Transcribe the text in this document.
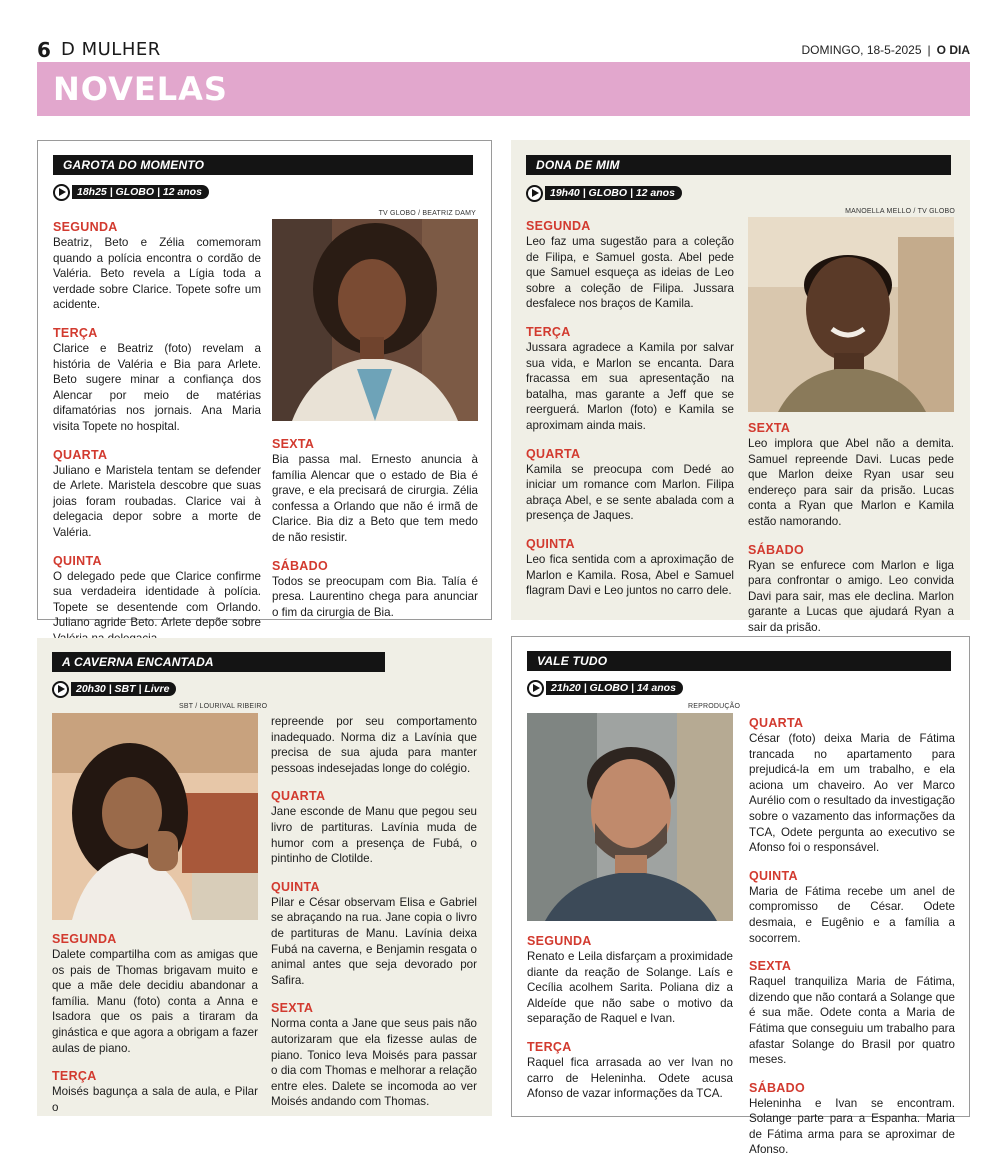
6 D MULHER	DOMINGO, 18-5-2025 | O DIA
NOVELAS
GAROTA DO MOMENTO
18h25 | GLOBO | 12 anos
SEGUNDA
Beatriz, Beto e Zélia comemoram quando a polícia encontra o cordão de Valéria. Beto revela a Lígia toda a verdade sobre Clarice. Topete sofre um acidente.
TERÇA
Clarice e Beatriz (foto) revelam a história de Valéria e Bia para Arlete. Beto sugere minar a confiança dos Alencar por meio de matérias difamatórias nos jornais. Ana Maria visita Topete no hospital.
QUARTA
Juliano e Maristela tentam se defender de Arlete. Maristela descobre que suas joias foram roubadas. Clarice vai à delegacia depor sobre a morte de Valéria.
QUINTA
O delegado pede que Clarice confirme sua verdadeira identidade à polícia. Topete se desentende com Orlando. Juliano agride Beto. Arlete depõe sobre
TV GLOBO / BEATRIZ DAMY
SEXTA
Bia passa mal. Ernesto anuncia à família Alencar que o estado de Bia é grave, e ela precisará de cirurgia. Zélia confessa a Orlando que não é irmã de Clarice. Bia diz a Beto que tem medo de não resistir.
SÁBADO
Todos se preocupam com Bia. Talía é presa. Laurentino chega para anunciar o fim da cirurgia de Bia.
DONA DE MIM
19h40 | GLOBO | 12 anos
SEGUNDA
Leo faz uma sugestão para a coleção de Filipa, e Samuel gosta. Abel pede que Samuel esqueça as ideias de Leo sobre a coleção de Filipa. Jussara desfalece nos braços de Kamila.
TERÇA
Jussara agradece a Kamila por salvar sua vida, e Marlon se encanta. Dara fracassa em sua apresentação na batalha, mas garante a Jeff que se reerguerá. Marlon (foto) e Kamila se aproximam ainda mais.
QUARTA
Kamila se preocupa com Dedé ao iniciar um romance com Marlon. Filipa abraça Abel, e se sente abalada com a presença de Jaques.
QUINTA
Leo fica sentida com a aproximação de Marlon e Kamila. Rosa, Abel e Samuel flagram Davi e Leo juntos no carro dele.
MANOELLA MELLO / TV GLOBO
SEXTA
Leo implora que Abel não a demita. Samuel repreende Davi. Lucas pede que Marlon deixe Ryan usar seu endereço para sair da prisão. Lucas conta a Ryan que Marlon e Kamila estão namorando.
SÁBADO
Ryan se enfurece com Marlon e liga para confrontar o amigo. Leo convida Davi para sair, mas ele declina. Marlon garante a Lucas que ajudará Ryan a sair da prisão.
A CAVERNA ENCANTADA
20h30 | SBT | Livre
SBT / LOURIVAL RIBEIRO
SEGUNDA
Dalete compartilha com as amigas que os pais de Thomas brigavam muito e que a mãe dele decidiu abandonar a família. Manu (foto) conta a Anna e Isadora que os pais a tiraram da ginástica e que agora a obrigam a fazer aulas de piano.
TERÇA
Moisés bagunça a sala de aula, e Pilar o
repreende por seu comportamento inadequado. Norma diz a Lavínia que precisa de sua ajuda para manter pessoas indesejadas longe do colégio.
QUARTA
Jane esconde de Manu que pegou seu livro de partituras. Lavínia muda de humor com a presença de Fubá, o pintinho de Clotilde.
QUINTA
Pilar e César observam Elisa e Gabriel se abraçando na rua. Jane copia o livro de partituras de Manu. Lavínia deixa Fubá na caverna, e Benjamin resgata o animal antes que seja devorado por Safira.
SEXTA
Norma conta a Jane que seus pais não autorizaram que ela fizesse aulas de piano. Tonico leva Moisés para passar o dia com Thomas e melhorar a relação entre eles. Dalete se incomoda ao ver Moisés andando com Thomas.
VALE TUDO
21h20 | GLOBO | 14 anos
REPRODUÇÃO
SEGUNDA
Renato e Leila disfarçam a proximidade diante da reação de Solange. Laís e Cecília acolhem Sarita. Poliana diz a Aldeíde que não sabe o motivo da separação de Raquel e Ivan.
TERÇA
Raquel fica arrasada ao ver Ivan no carro de Heleninha. Odete acusa Afonso de vazar informações da TCA.
QUARTA
César (foto) deixa Maria de Fátima trancada no apartamento para prejudicá-la em um trabalho, e ela aciona um chaveiro. Ao ver Marco Aurélio com o resultado da investigação sobre o vazamento das informações da TCA, Odete pergunta ao executivo se Afonso foi o responsável.
QUINTA
Maria de Fátima recebe um anel de compromisso de César. Odete desmaia, e Eugênio e a família a socorrem.
SEXTA
Raquel tranquiliza Maria de Fátima, dizendo que não contará a Solange que é sua mãe. Odete conta a Maria de Fátima que conseguiu um trabalho para afastar Solange do Brasil por quatro meses.
SÁBADO
Heleninha e Ivan se encontram. Solange parte para a Espanha. Maria de Fátima arma para se aproximar de Afonso.
